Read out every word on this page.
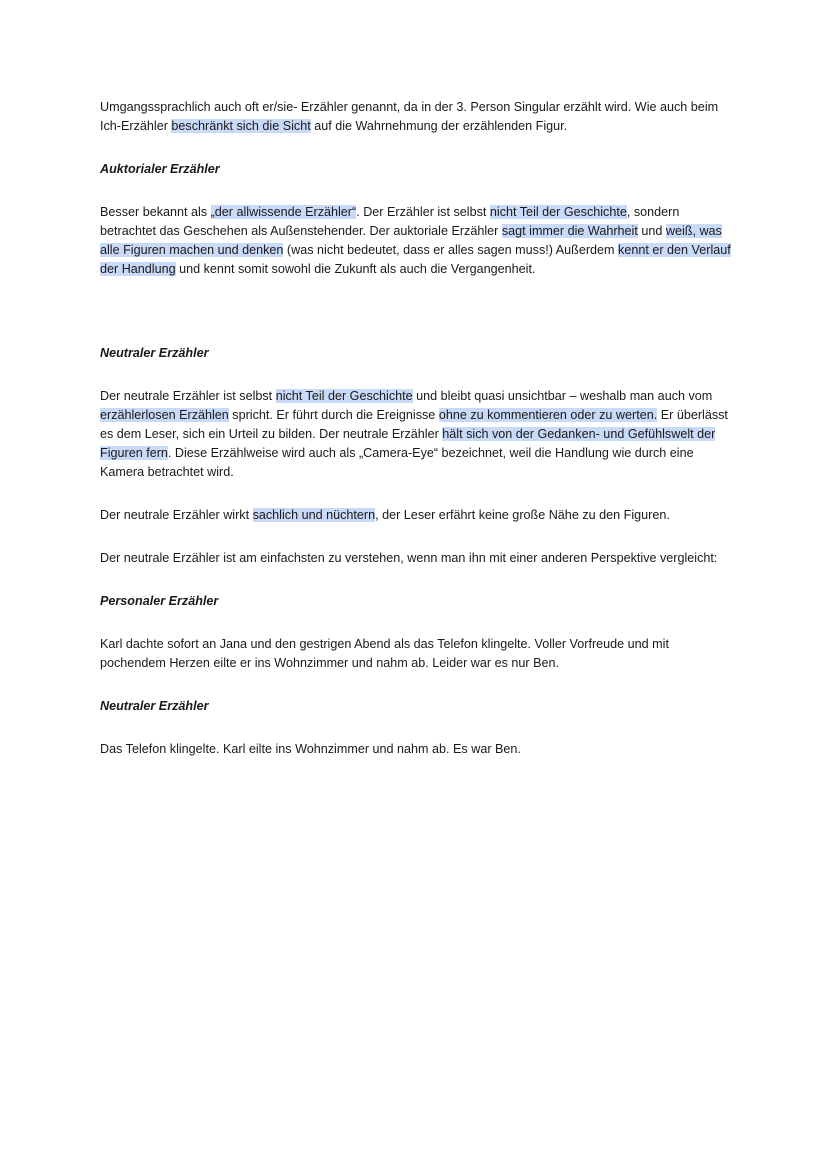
Umgangssprachlich auch oft er/sie- Erzähler genannt, da in der 3. Person Singular erzählt wird. Wie auch beim Ich-Erzähler beschränkt sich die Sicht auf die Wahrnehmung der erzählenden Figur.

Auktorialer Erzähler

Besser bekannt als „der allwissende Erzähler“. Der Erzähler ist selbst nicht Teil der Geschichte, sondern betrachtet das Geschehen als Außenstehender. Der auktoriale Erzähler sagt immer die Wahrheit und weiß, was alle Figuren machen und denken (was nicht bedeutet, dass er alles sagen muss!) Außerdem kennt er den Verlauf der Handlung und kennt somit sowohl die Zukunft als auch die Vergangenheit.

Neutraler Erzähler

Der neutrale Erzähler ist selbst nicht Teil der Geschichte und bleibt quasi unsichtbar – weshalb man auch vom erzählerlosen Erzählen spricht. Er führt durch die Ereignisse ohne zu kommentieren oder zu werten. Er überlässt es dem Leser, sich ein Urteil zu bilden. Der neutrale Erzähler hält sich von der Gedanken- und Gefühlswelt der Figuren fern. Diese Erzählweise wird auch als „Camera-Eye“ bezeichnet, weil die Handlung wie durch eine Kamera betrachtet wird.

Der neutrale Erzähler wirkt sachlich und nüchtern, der Leser erfährt keine große Nähe zu den Figuren.

Der neutrale Erzähler ist am einfachsten zu verstehen, wenn man ihn mit einer anderen Perspektive vergleicht:

Personaler Erzähler

Karl dachte sofort an Jana und den gestrigen Abend als das Telefon klingelte. Voller Vorfreude und mit pochendem Herzen eilte er ins Wohnzimmer und nahm ab. Leider war es nur Ben.

Neutraler Erzähler

Das Telefon klingelte. Karl eilte ins Wohnzimmer und nahm ab. Es war Ben.
